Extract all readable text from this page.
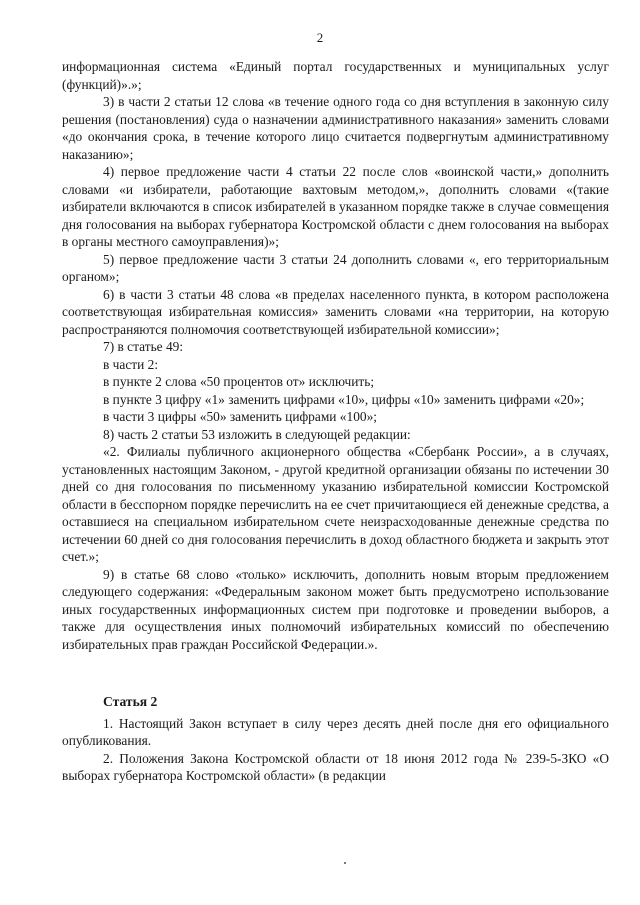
2

информационная система «Единый портал государственных и муниципальных услуг (функций)».»;

3) в части 2 статьи 12 слова «в течение одного года со дня вступления в законную силу решения (постановления) суда о назначении административного наказания» заменить словами «до окончания срока, в течение которого лицо считается подвергнутым административному наказанию»;

4) первое предложение части 4 статьи 22 после слов «воинской части,» дополнить словами «и избиратели, работающие вахтовым методом,», дополнить словами «(такие избиратели включаются в список избирателей в указанном порядке также в случае совмещения дня голосования на выборах губернатора Костромской области с днем голосования на выборах в органы местного самоуправления)»;

5) первое предложение части 3 статьи 24 дополнить словами «, его территориальным органом»;

6) в части 3 статьи 48 слова «в пределах населенного пункта, в котором расположена соответствующая избирательная комиссия» заменить словами «на территории, на которую распространяются полномочия соответствующей избирательной комиссии»;

7) в статье 49:

в части 2:

в пункте 2 слова «50 процентов от» исключить;

в пункте 3 цифру «1» заменить цифрами «10», цифры «10» заменить цифрами «20»;

в части 3 цифры «50» заменить цифрами «100»;

8) часть 2 статьи 53 изложить в следующей редакции:

«2. Филиалы публичного акционерного общества «Сбербанк России», а в случаях, установленных настоящим Законом, - другой кредитной организации обязаны по истечении 30 дней со дня голосования по письменному указанию избирательной комиссии Костромской области в бесспорном порядке перечислить на ее счет причитающиеся ей денежные средства, а оставшиеся на специальном избирательном счете неизрасходованные денежные средства по истечении 60 дней со дня голосования перечислить в доход областного бюджета и закрыть этот счет.»;

9) в статье 68 слово «только» исключить, дополнить новым вторым предложением следующего содержания: «Федеральным законом может быть предусмотрено использование иных государственных информационных систем при подготовке и проведении выборов, а также для осуществления иных полномочий избирательных комиссий по обеспечению избирательных прав граждан Российской Федерации.».

Статья 2

1. Настоящий Закон вступает в силу через десять дней после дня его официального опубликования.

2. Положения Закона Костромской области от 18 июня 2012 года № 239-5-ЗКО «О выборах губернатора Костромской области» (в редакции
